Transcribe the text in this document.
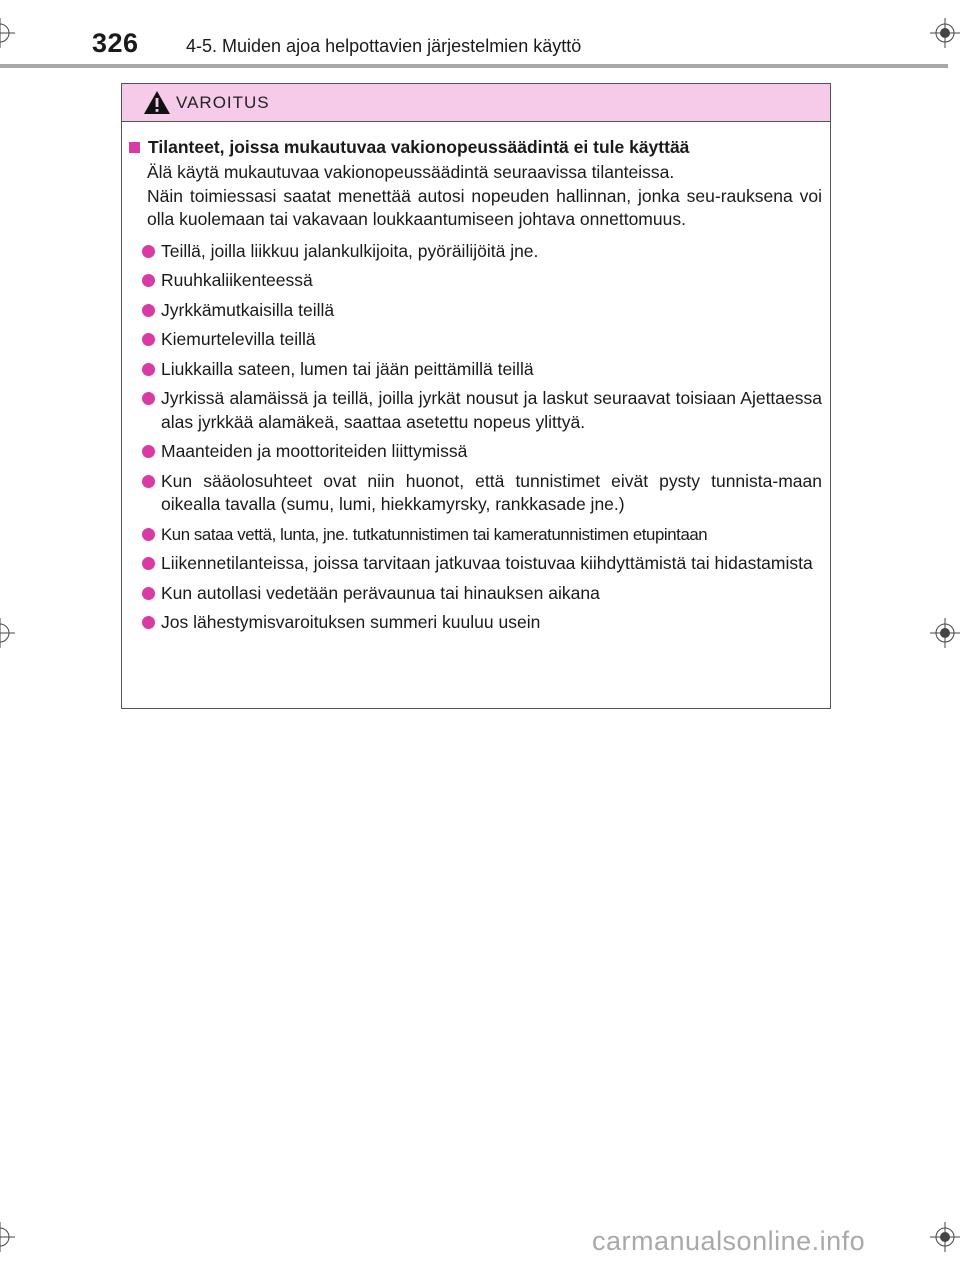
326	4-5. Muiden ajoa helpottavien järjestelmien käyttö
VAROITUS
Tilanteet, joissa mukautuvaa vakionopeussäädintä ei tule käyttää
Älä käytä mukautuvaa vakionopeussäädintä seuraavissa tilanteissa.
Näin toimiessasi saatat menettää autosi nopeuden hallinnan, jonka seu-rauksena voi olla kuolemaan tai vakavaan loukkaantumiseen johtava onnettomuus.
Teillä, joilla liikkuu jalankulkijoita, pyöräilijöitä jne.
Ruuhkaliikenteessä
Jyrkkämutkaisilla teillä
Kiemurtelevilla teillä
Liukkailla sateen, lumen tai jään peittämillä teillä
Jyrkissä alamäissä ja teillä, joilla jyrkät nousut ja laskut seuraavat toisiaan Ajettaessa alas jyrkkää alamäkeä, saattaa asetettu nopeus ylittyä.
Maanteiden ja moottoriteiden liittymissä
Kun sääolosuhteet ovat niin huonot, että tunnistimet eivät pysty tunnista-maan oikealla tavalla (sumu, lumi, hiekkamyrsky, rankkasade jne.)
Kun sataa vettä, lunta, jne. tutkatunnistimen tai kameratunnistimen etupintaan
Liikennetilanteissa, joissa tarvitaan jatkuvaa toistuvaa kiihdyttämistä tai hidastamista
Kun autollasi vedetään perävaunua tai hinauksen aikana
Jos lähestymisvaroituksen summeri kuuluu usein
carmanualsonline.info
